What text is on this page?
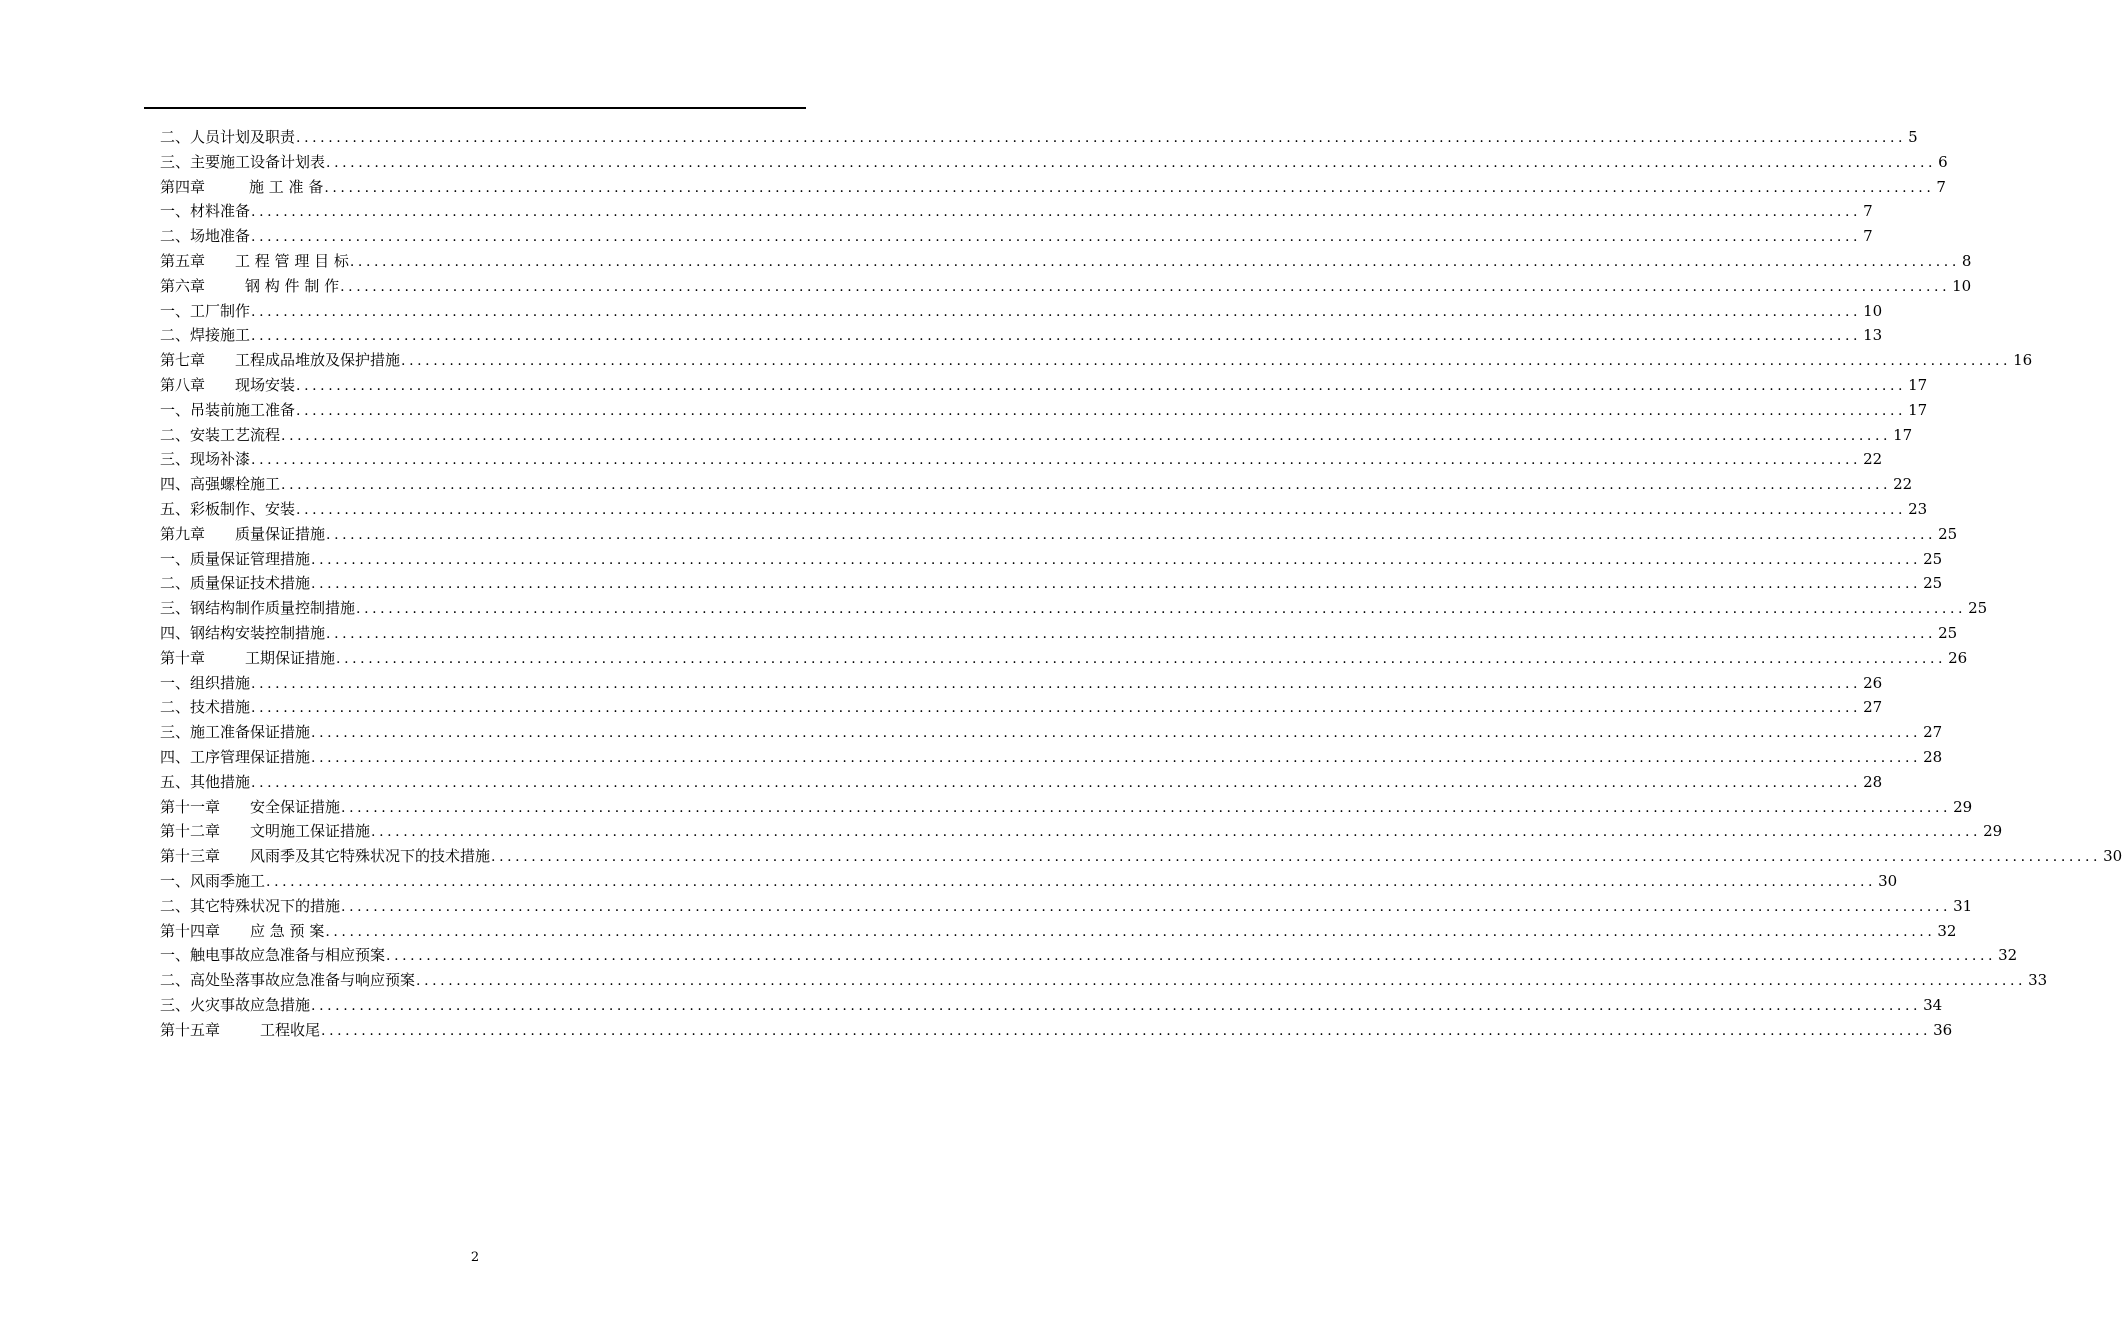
二、人员计划及职责 ........................................................................................................................................................................................................ 5
三、主要施工设备计划表 ........................................................................................................................................................................................................ 6
第四章	施 工 准 备 ........................................................................................................................................................................................................ 7
一、材料准备 ........................................................................................................................................................................................................ 7
二、场地准备 ........................................................................................................................................................................................................ 7
第五章 工 程 管 理 目 标 ........................................................................................................................................................................................................ 8
第六章	钢 构 件 制 作 ........................................................................................................................................................................................................ 10
一、工厂制作 ........................................................................................................................................................................................................ 10
二、焊接施工 ........................................................................................................................................................................................................ 13
第七章 工程成品堆放及保护措施 ........................................................................................................................................................................................................ 16
第八章 现场安装 ........................................................................................................................................................................................................ 17
一、吊装前施工准备 ........................................................................................................................................................................................................ 17
二、安装工艺流程 ........................................................................................................................................................................................................ 17
三、现场补漆 ........................................................................................................................................................................................................ 22
四、高强螺栓施工 ........................................................................................................................................................................................................ 22
五、彩板制作、安装 ........................................................................................................................................................................................................ 23
第九章 质量保证措施 ........................................................................................................................................................................................................ 25
一、质量保证管理措施 ........................................................................................................................................................................................................ 25
二、质量保证技术措施 ........................................................................................................................................................................................................ 25
三、钢结构制作质量控制措施 ........................................................................................................................................................................................................ 25
四、钢结构安装控制措施 ........................................................................................................................................................................................................ 25
第十章	工期保证措施 ........................................................................................................................................................................................................ 26
一、组织措施 ........................................................................................................................................................................................................ 26
二、技术措施 ........................................................................................................................................................................................................ 27
三、施工准备保证措施 ........................................................................................................................................................................................................ 27
四、工序管理保证措施 ........................................................................................................................................................................................................ 28
五、其他措施 ........................................................................................................................................................................................................ 28
第十一章 安全保证措施 ........................................................................................................................................................................................................ 29
第十二章 文明施工保证措施 ........................................................................................................................................................................................................ 29
第十三章 风雨季及其它特殊状况下的技术措施 ........................................................................................................................................................................................................ 30
一、风雨季施工 ........................................................................................................................................................................................................ 30
二、其它特殊状况下的措施 ........................................................................................................................................................................................................ 31
第十四章 应 急 预 案 ........................................................................................................................................................................................................ 32
一、触电事故应急准备与相应预案 ........................................................................................................................................................................................................ 32
二、高处坠落事故应急准备与响应预案 ........................................................................................................................................................................................................ 33
三、火灾事故应急措施 ........................................................................................................................................................................................................ 34
第十五章	工程收尾 ........................................................................................................................................................................................................ 36
2
